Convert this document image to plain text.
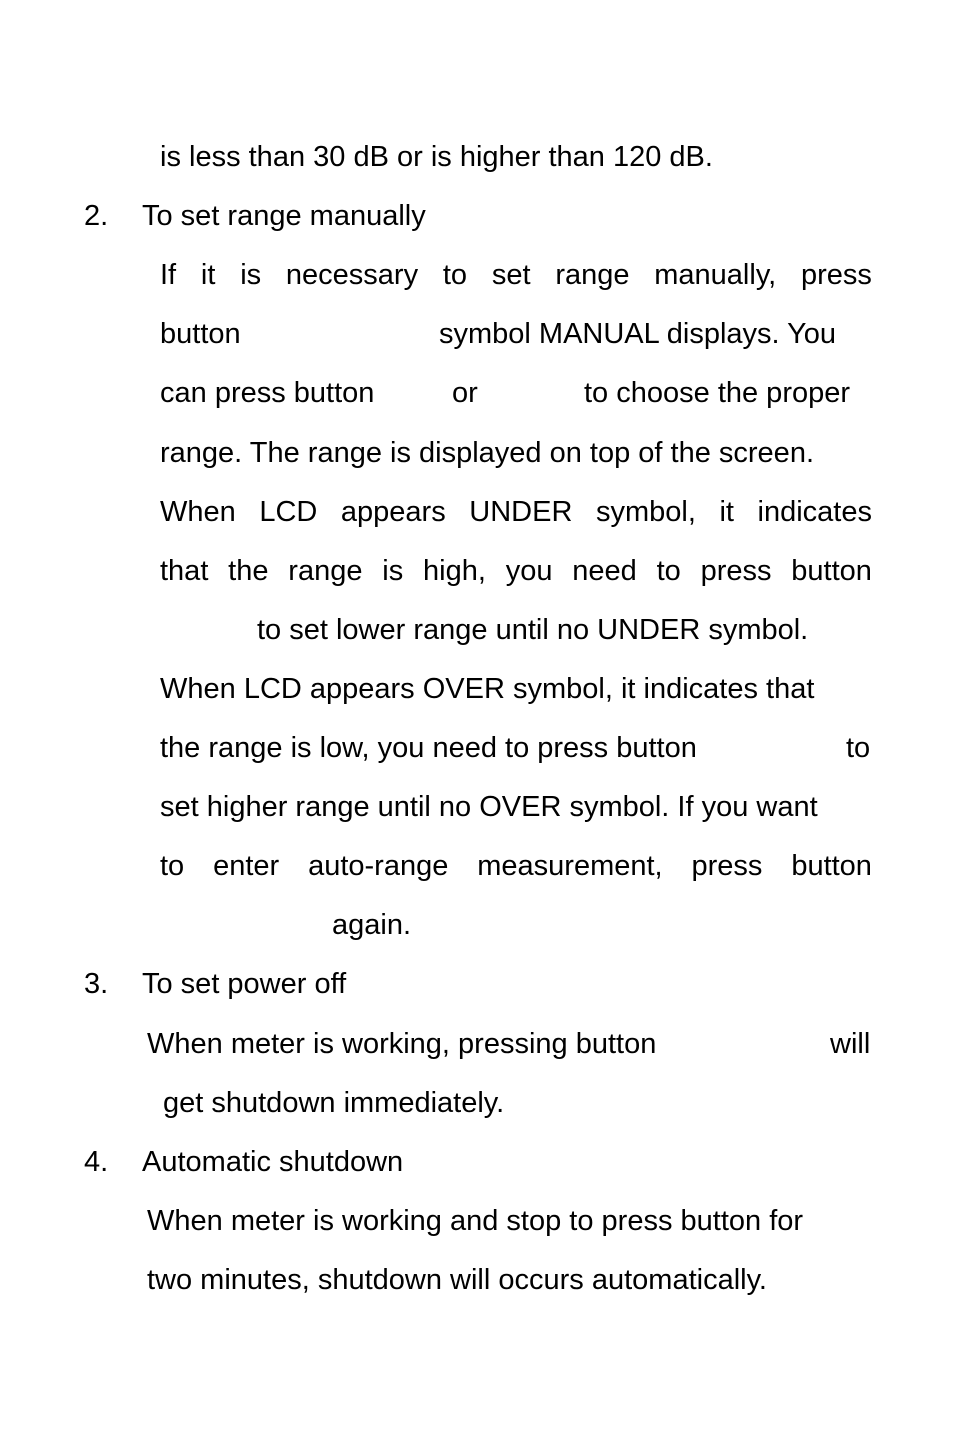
is less than 30 dB or is higher than 120 dB.
2. To set range manually
If it is necessary to set range manually, press
button	symbol MANUAL displays. You
can press button	or	to choose the proper
range. The range is displayed on top of the screen.
When LCD appears UNDER symbol, it indicates
that the range is high, you need to press button
to set lower range until no UNDER symbol.
When LCD appears OVER symbol, it indicates that
the range is low, you need to press button	to
set higher range until no OVER symbol. If you want
to enter auto-range measurement, press button
again.
3. To set power off
When meter is working, pressing button	will
get shutdown immediately.
4. Automatic shutdown
When meter is working and stop to press button for
two minutes, shutdown will occurs automatically.
